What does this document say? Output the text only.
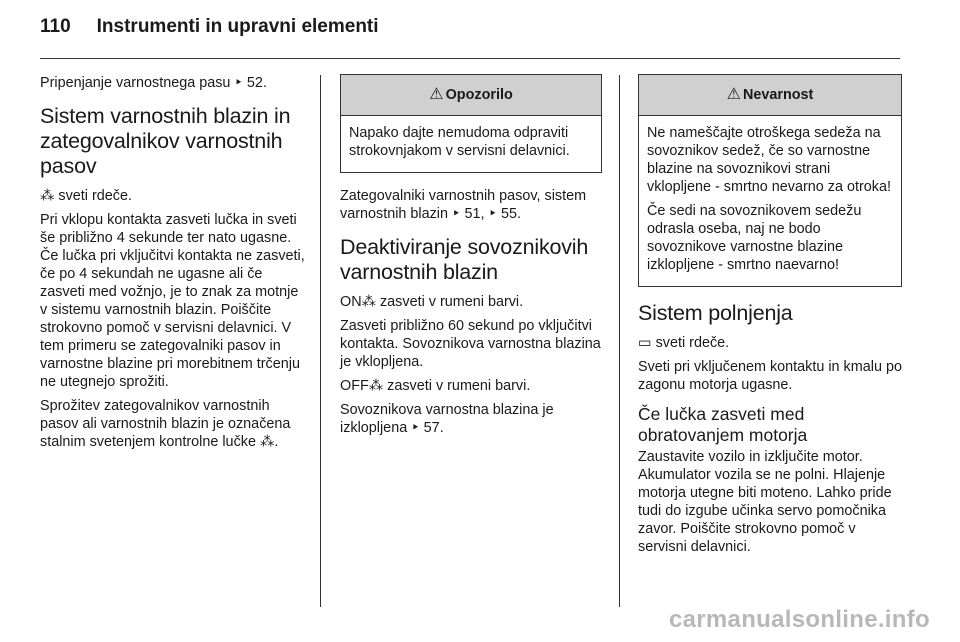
110 Instrumenti in upravni elementi

Pripenjanje varnostnega pasu ‣ 52.

Sistem varnostnih blazin in zategovalnikov varnostnih pasov

⁂ sveti rdeče.

Pri vklopu kontakta zasveti lučka in sveti še približno 4 sekunde ter nato ugasne. Če lučka pri vključitvi kontakta ne zasveti, če po 4 sekundah ne ugasne ali če zasveti med vožnjo, je to znak za motnje v sistemu varnostnih blazin. Poiščite strokovno pomoč v servisni delavnici. V tem primeru se zategovalniki pasov in varnostne blazine pri morebitnem trčenju ne utegnejo sprožiti.

Sprožitev zategovalnikov varnostnih pasov ali varnostnih blazin je označena stalnim svetenjem kontrolne lučke ⁂.

⚠ Opozorilo

Napako dajte nemudoma odpraviti strokovnjakom v servisni delavnici.

Zategovalniki varnostnih pasov, sistem varnostnih blazin ‣ 51, ‣ 55.

Deaktiviranje sovoznikovih varnostnih blazin

ON⁂ zasveti v rumeni barvi.

Zasveti približno 60 sekund po vključitvi kontakta. Sovoznikova varnostna blazina je vklopljena.

OFF⁂ zasveti v rumeni barvi.

Sovoznikova varnostna blazina je izklopljena ‣ 57.

⚠ Nevarnost

Ne nameščajte otroškega sedeža na sovoznikov sedež, če so varnostne blazine na sovoznikovi strani vklopljene - smrtno nevarno za otroka!

Če sedi na sovoznikovem sedežu odrasla oseba, naj ne bodo sovoznikove varnostne blazine izklopljene - smrtno naevarno!

Sistem polnjenja

▭ sveti rdeče.

Sveti pri vključenem kontaktu in kmalu po zagonu motorja ugasne.

Če lučka zasveti med obratovanjem motorja

Zaustavite vozilo in izključite motor. Akumulator vozila se ne polni. Hlajenje motorja utegne biti moteno. Lahko pride tudi do izgube učinka servo pomočnika zavor. Poiščite strokovno pomoč v servisni delavnici.

carmanualsonline.info
